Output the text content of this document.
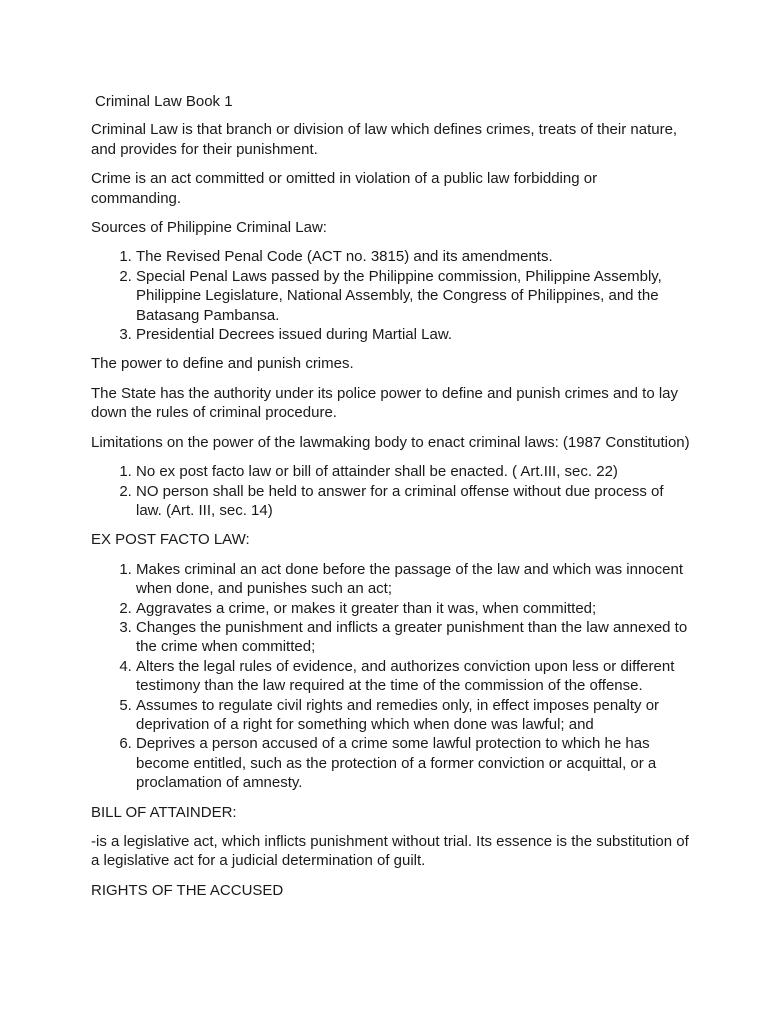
Criminal Law Book 1

Criminal Law is that branch or division of law which defines crimes, treats of their nature, and provides for their punishment.

Crime is an act committed or omitted in violation of a public law forbidding or commanding.

Sources of Philippine Criminal Law:

1. The Revised Penal Code (ACT no. 3815) and its amendments.
2. Special Penal Laws passed by the Philippine commission, Philippine Assembly, Philippine Legislature, National Assembly, the Congress of Philippines, and the Batasang Pambansa.
3. Presidential Decrees issued during Martial Law.

The power to define and punish crimes.

The State has the authority under its police power to define and punish crimes and to lay down the rules of criminal procedure.

Limitations on the power of the lawmaking body to enact criminal laws: (1987 Constitution)

1. No ex post facto law or bill of attainder shall be enacted. ( Art.III, sec. 22)
2. NO person shall be held to answer for a criminal offense without due process of law. (Art. III, sec. 14)

EX POST FACTO LAW:

1. Makes criminal an act done before the passage of the law and which was innocent when done, and punishes such an act;
2. Aggravates a crime, or makes it greater than it was, when committed;
3. Changes the punishment and inflicts a greater punishment than the law annexed to the crime when committed;
4. Alters the legal rules of evidence, and authorizes conviction upon less or different testimony than the law required at the time of the commission of the offense.
5. Assumes to regulate civil rights and remedies only, in effect imposes penalty or deprivation of a right for something which when done was lawful; and
6. Deprives a person accused of a crime some lawful protection to which he has become entitled, such as the protection of a former conviction or acquittal, or a proclamation of amnesty.

BILL OF ATTAINDER:

-is a legislative act, which inflicts punishment without trial. Its essence is the substitution of a legislative act for a judicial determination of guilt.

RIGHTS OF THE ACCUSED
